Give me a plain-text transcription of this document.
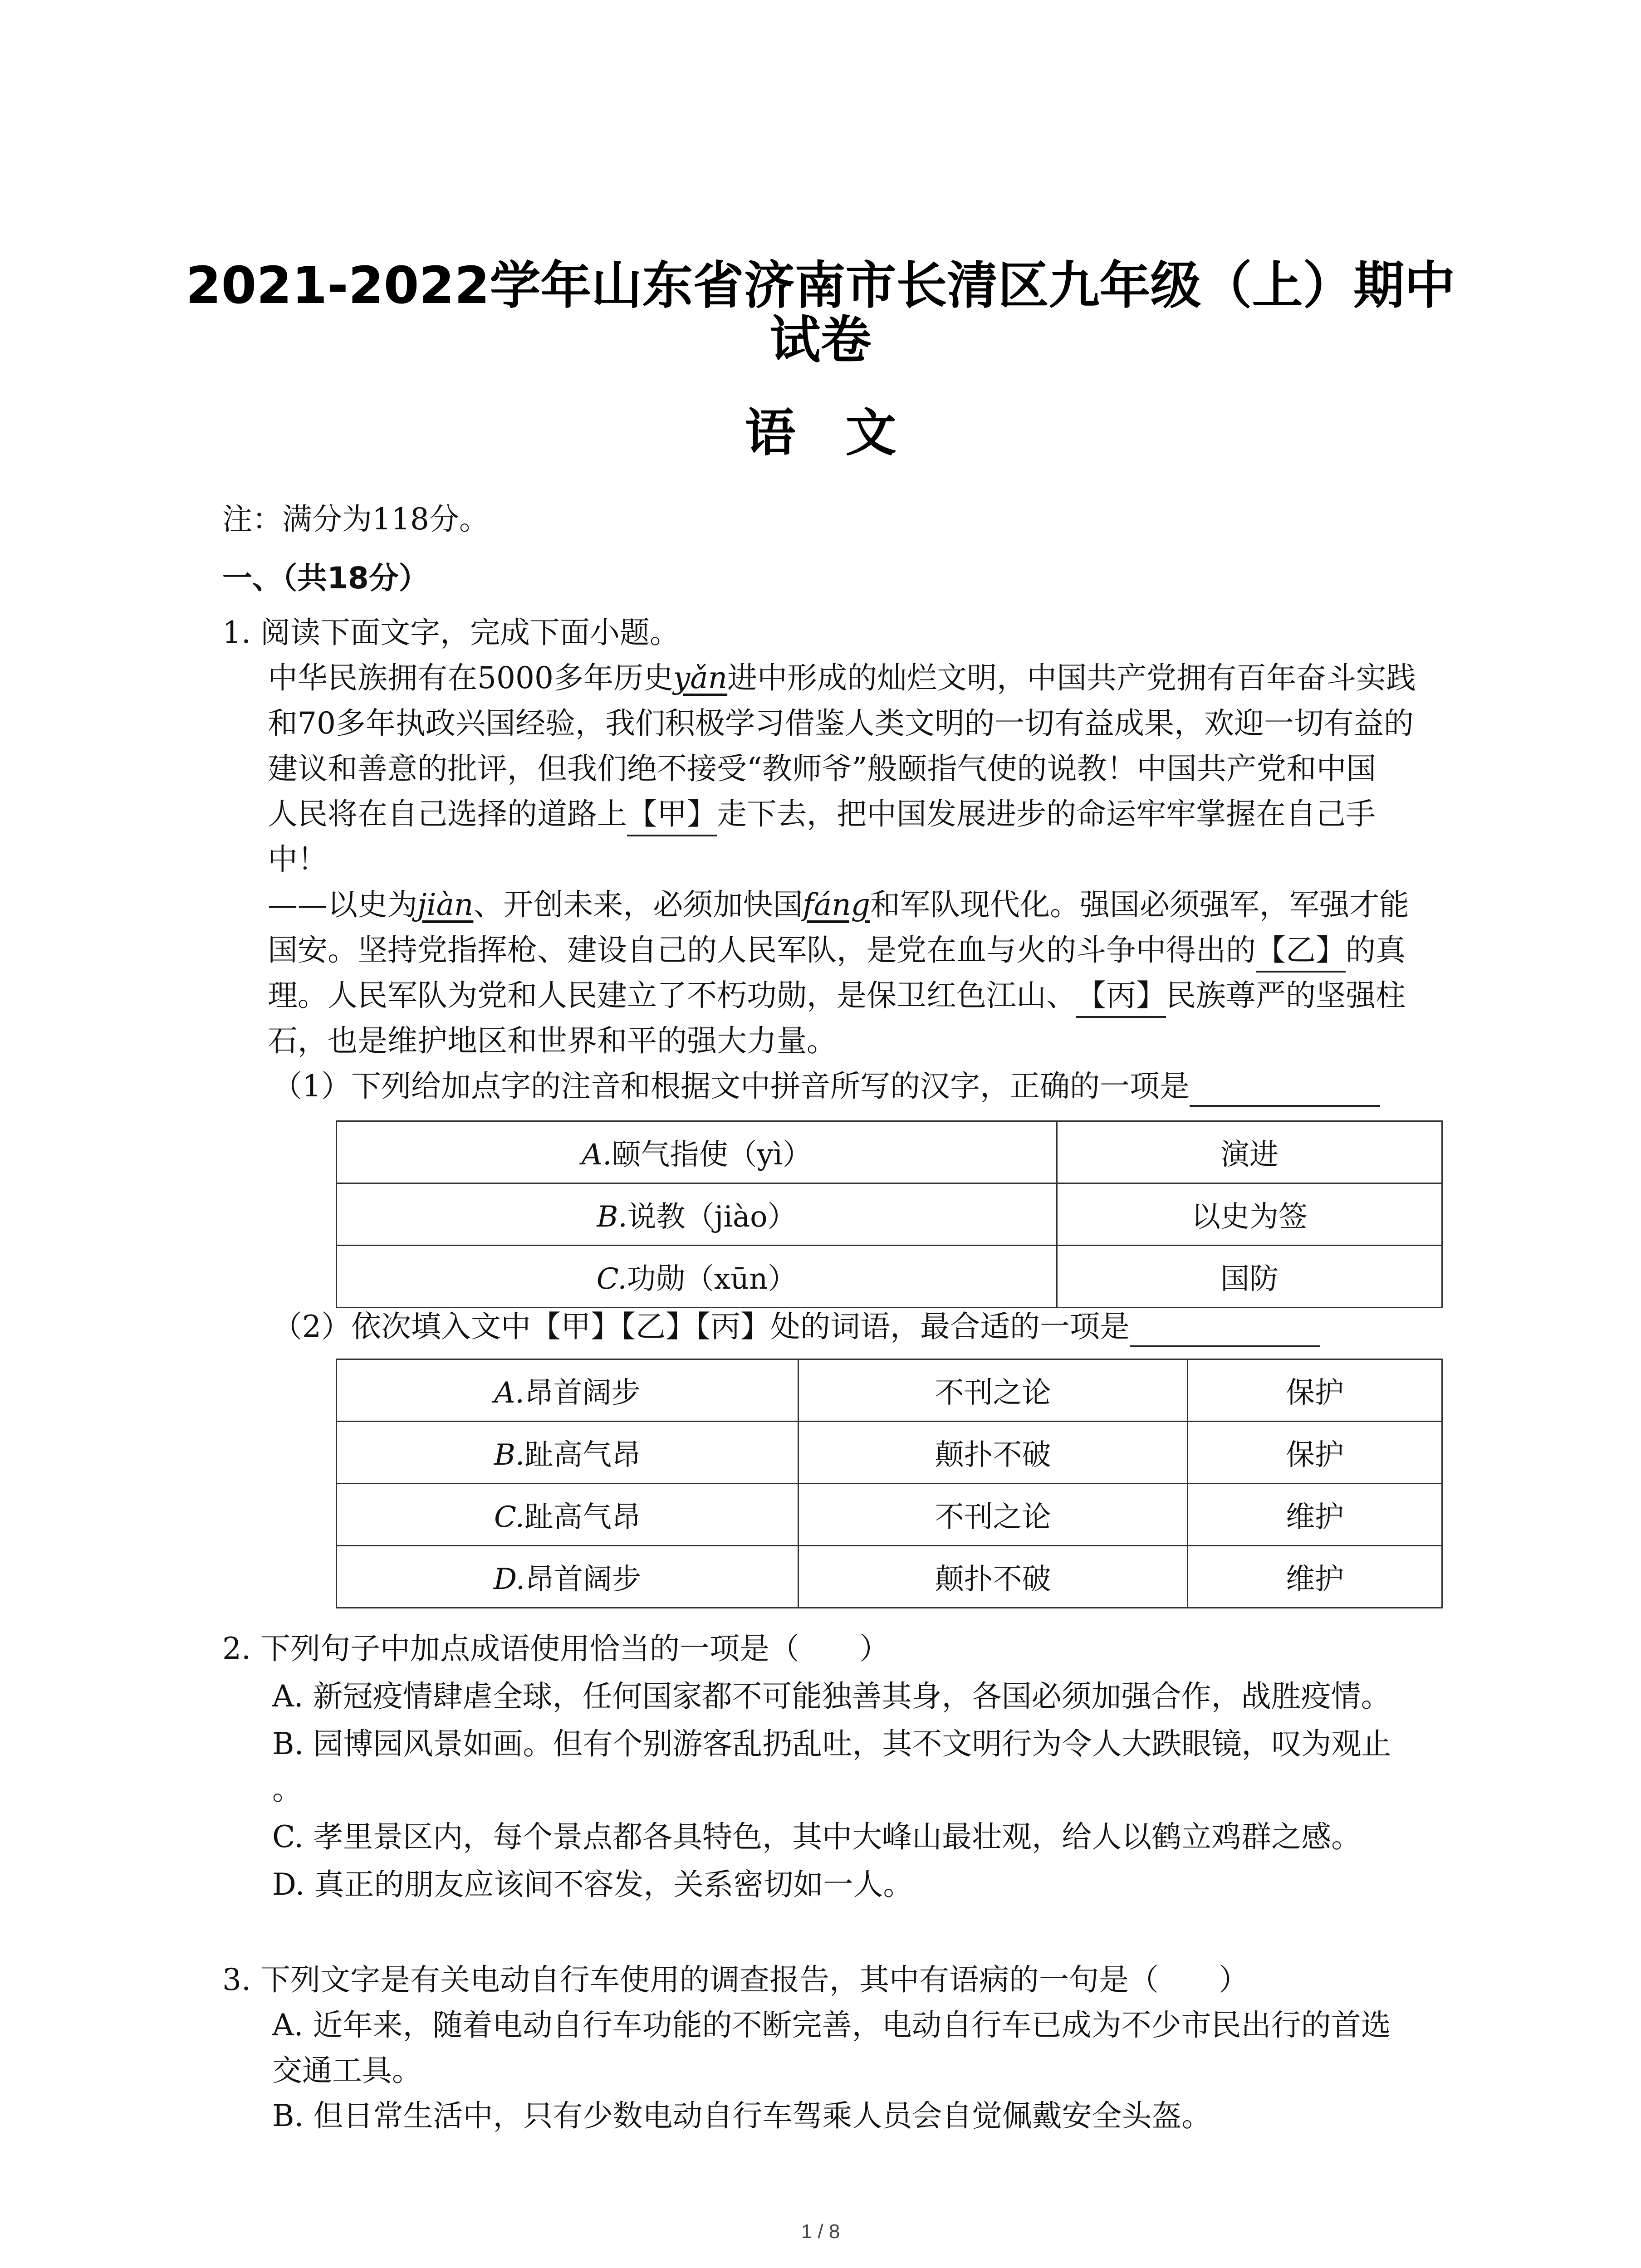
2021-2022学年山东省济南市长清区九年级（上）期中
试卷
语文
注：满分为118分。
一、（共18分）
1. 阅读下面文字，完成下面小题。
中华民族拥有在5000多年历史yǎn进中形成的灿烂文明，中国共产党拥有百年奋斗实践
和70多年执政兴国经验，我们积极学习借鉴人类文明的一切有益成果，欢迎一切有益的
建议和善意的批评，但我们绝不接受“教师爷”般颐指气使的说教！中国共产党和中国
人民将在自己选择的道路上【甲】走下去，把中国发展进步的命运牢牢掌握在自己手
中！
——以史为jiàn、开创未来，必须加快国fáng和军队现代化。强国必须强军，军强才能
国安。坚持党指挥枪、建设自己的人民军队，是党在血与火的斗争中得出的【乙】的真
理。人民军队为党和人民建立了不朽功勋，是保卫红色江山、【丙】民族尊严的坚强柱
石，也是维护地区和世界和平的强大力量。
（1）下列给加点字的注音和根据文中拼音所写的汉字，正确的一项是
A.颐气指使（yì）	演进
B.说教（jiào）	以史为签
C.功勋（xūn）	国防
（2）依次填入文中【甲】【乙】【丙】处的词语，最合适的一项是
A.昂首阔步	不刊之论	保护
B.趾高气昂	颠扑不破	保护
C.趾高气昂	不刊之论	维护
D.昂首阔步	颠扑不破	维护
2. 下列句子中加点成语使用恰当的一项是（　　）
A. 新冠疫情肆虐全球，任何国家都不可能独善其身，各国必须加强合作，战胜疫情。
B. 园博园风景如画。但有个别游客乱扔乱吐，其不文明行为令人大跌眼镜，叹为观止
。
C. 孝里景区内，每个景点都各具特色，其中大峰山最壮观，给人以鹤立鸡群之感。
D. 真正的朋友应该间不容发，关系密切如一人。
3. 下列文字是有关电动自行车使用的调查报告，其中有语病的一句是（　　）
A. 近年来，随着电动自行车功能的不断完善，电动自行车已成为不少市民出行的首选
交通工具。
B. 但日常生活中，只有少数电动自行车驾乘人员会自觉佩戴安全头盔。
1 / 8
